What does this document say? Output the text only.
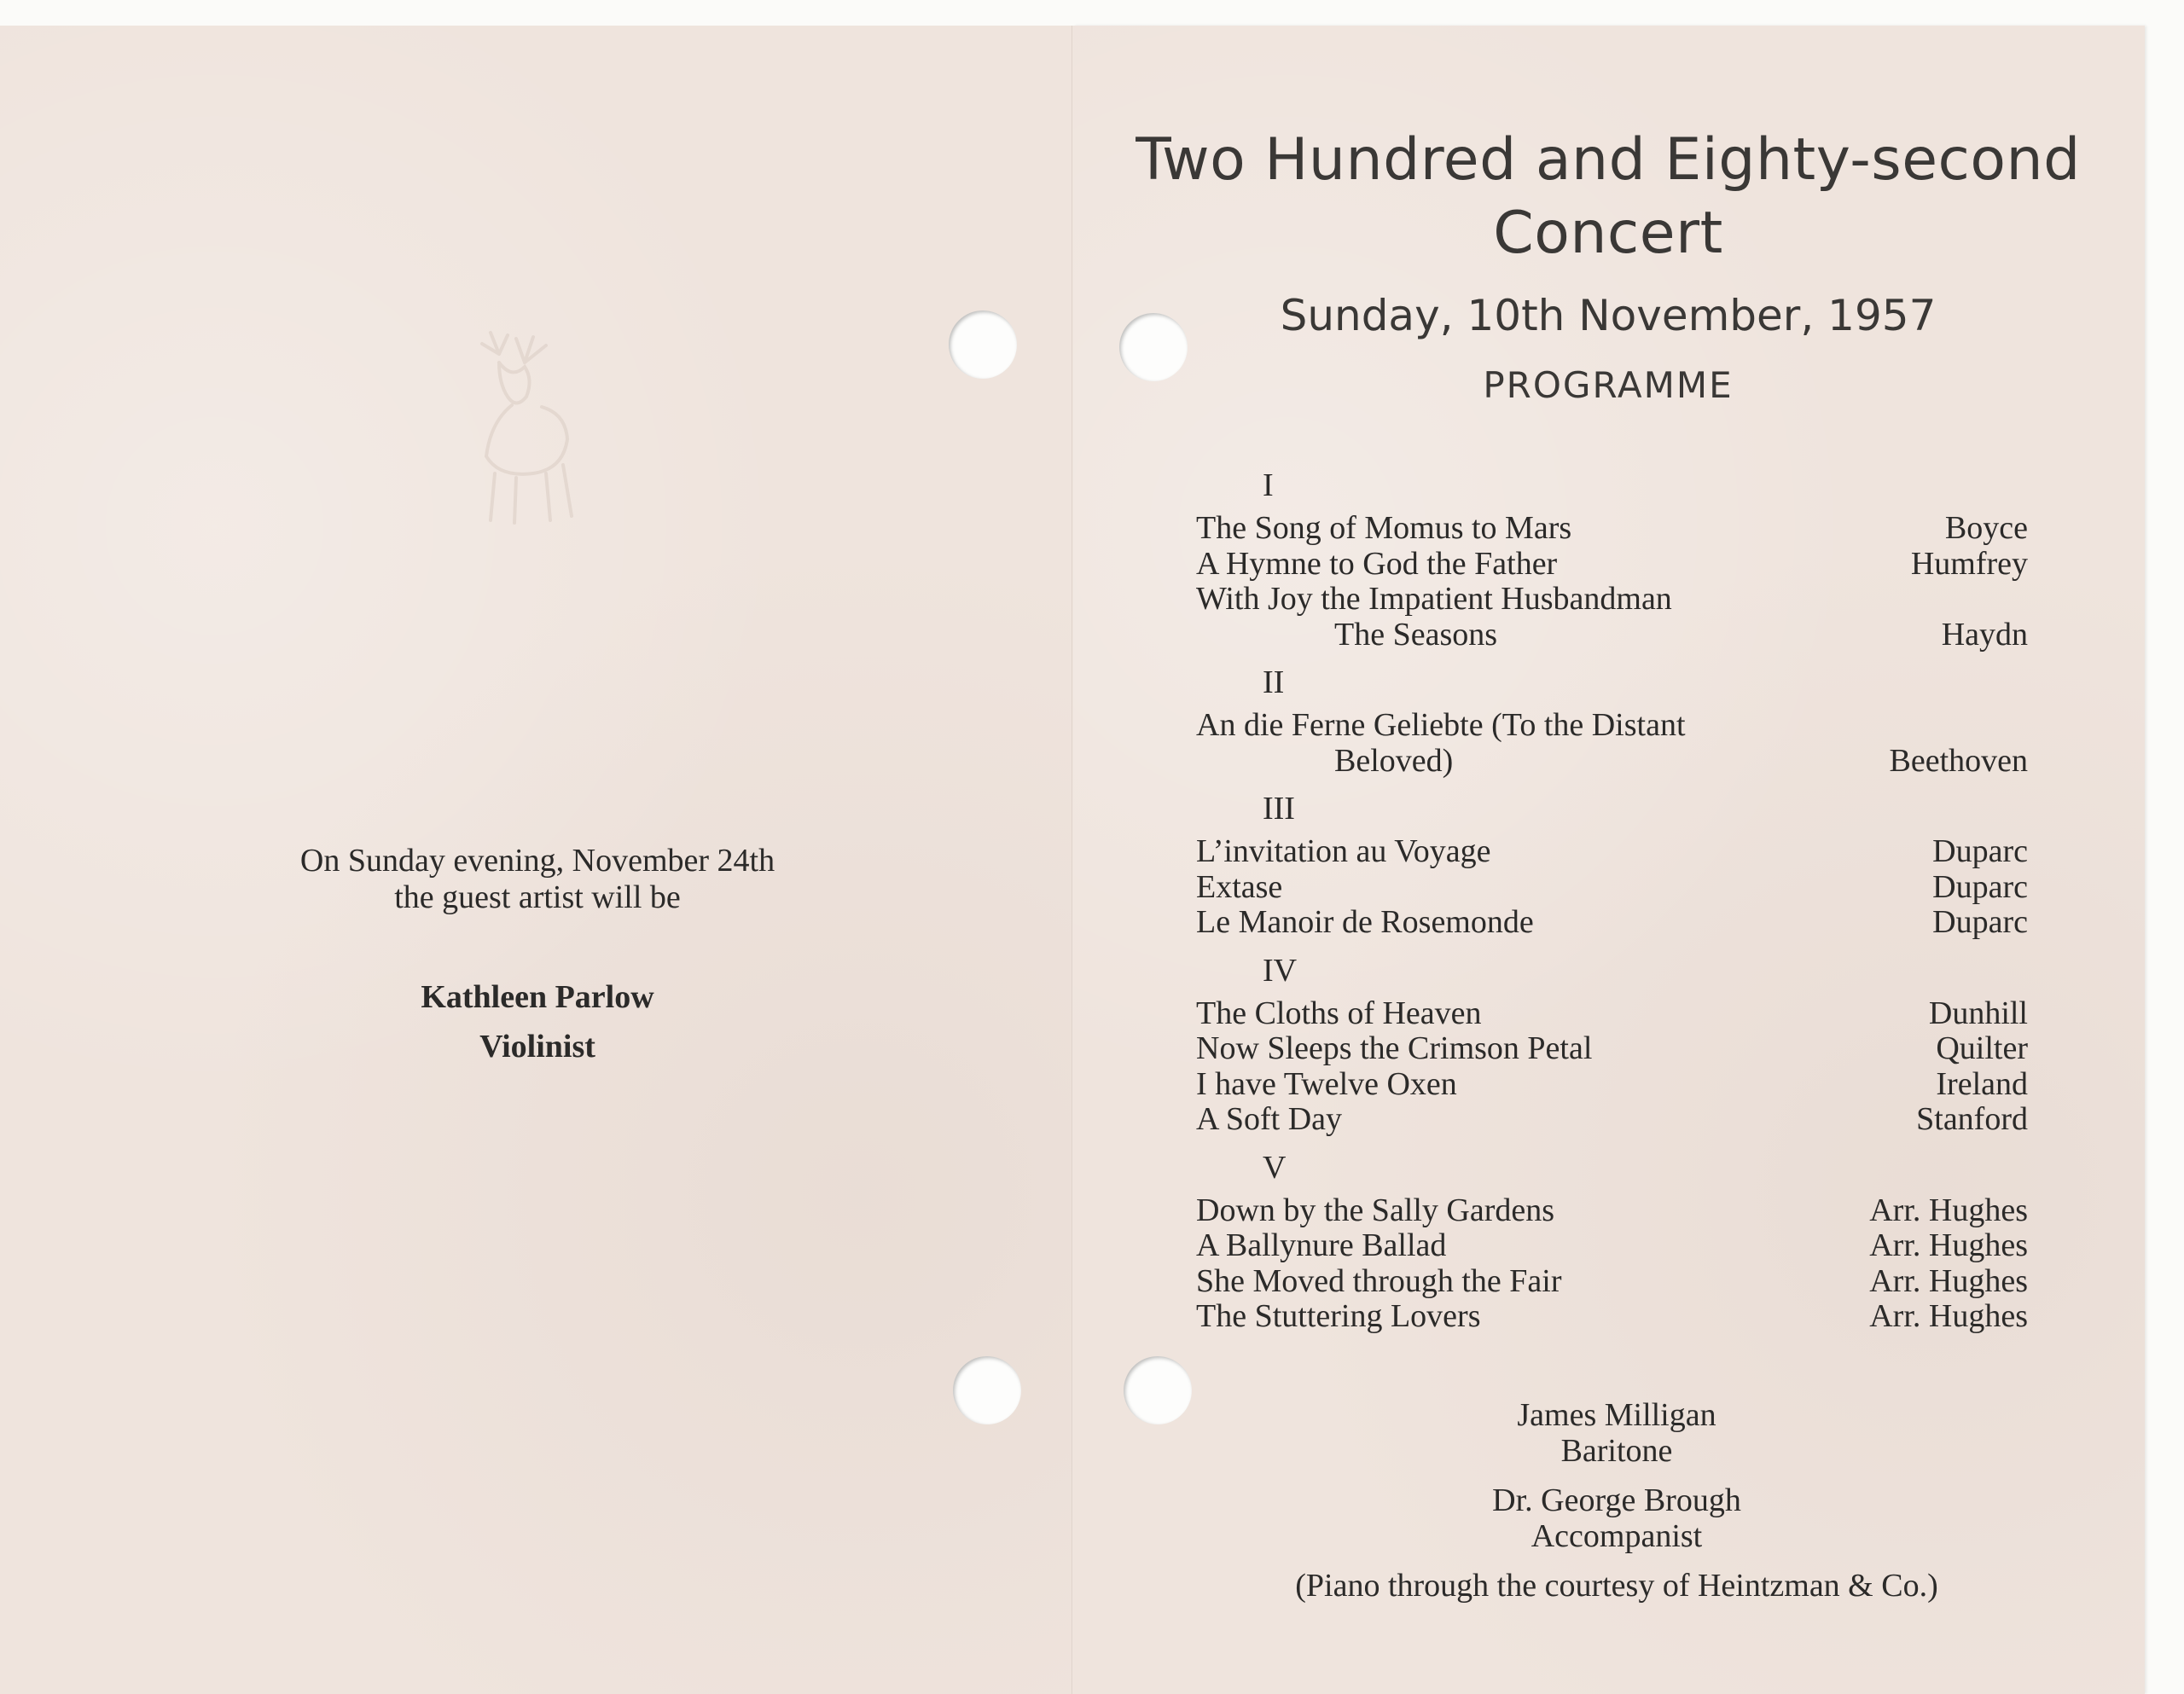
On Sunday evening, November 24th
the guest artist will be
Kathleen Parlow
Violinist
Two Hundred and Eighty-second
Concert
Sunday, 10th November, 1957
PROGRAMME
I
The Song of Momus to Mars	Boyce
A Hymne to God the Father	Humfrey
With Joy the Impatient Husbandman
The Seasons	Haydn
II
An die Ferne Geliebte (To the Distant
Beloved)	Beethoven
III
L’invitation au Voyage	Duparc
Extase	Duparc
Le Manoir de Rosemonde	Duparc
IV
The Cloths of Heaven	Dunhill
Now Sleeps the Crimson Petal	Quilter
I have Twelve Oxen	Ireland
A Soft Day	Stanford
V
Down by the Sally Gardens	Arr. Hughes
A Ballynure Ballad	Arr. Hughes
She Moved through the Fair	Arr. Hughes
The Stuttering Lovers	Arr. Hughes
James Milligan
Baritone
Dr. George Brough
Accompanist
(Piano through the courtesy of Heintzman & Co.)
